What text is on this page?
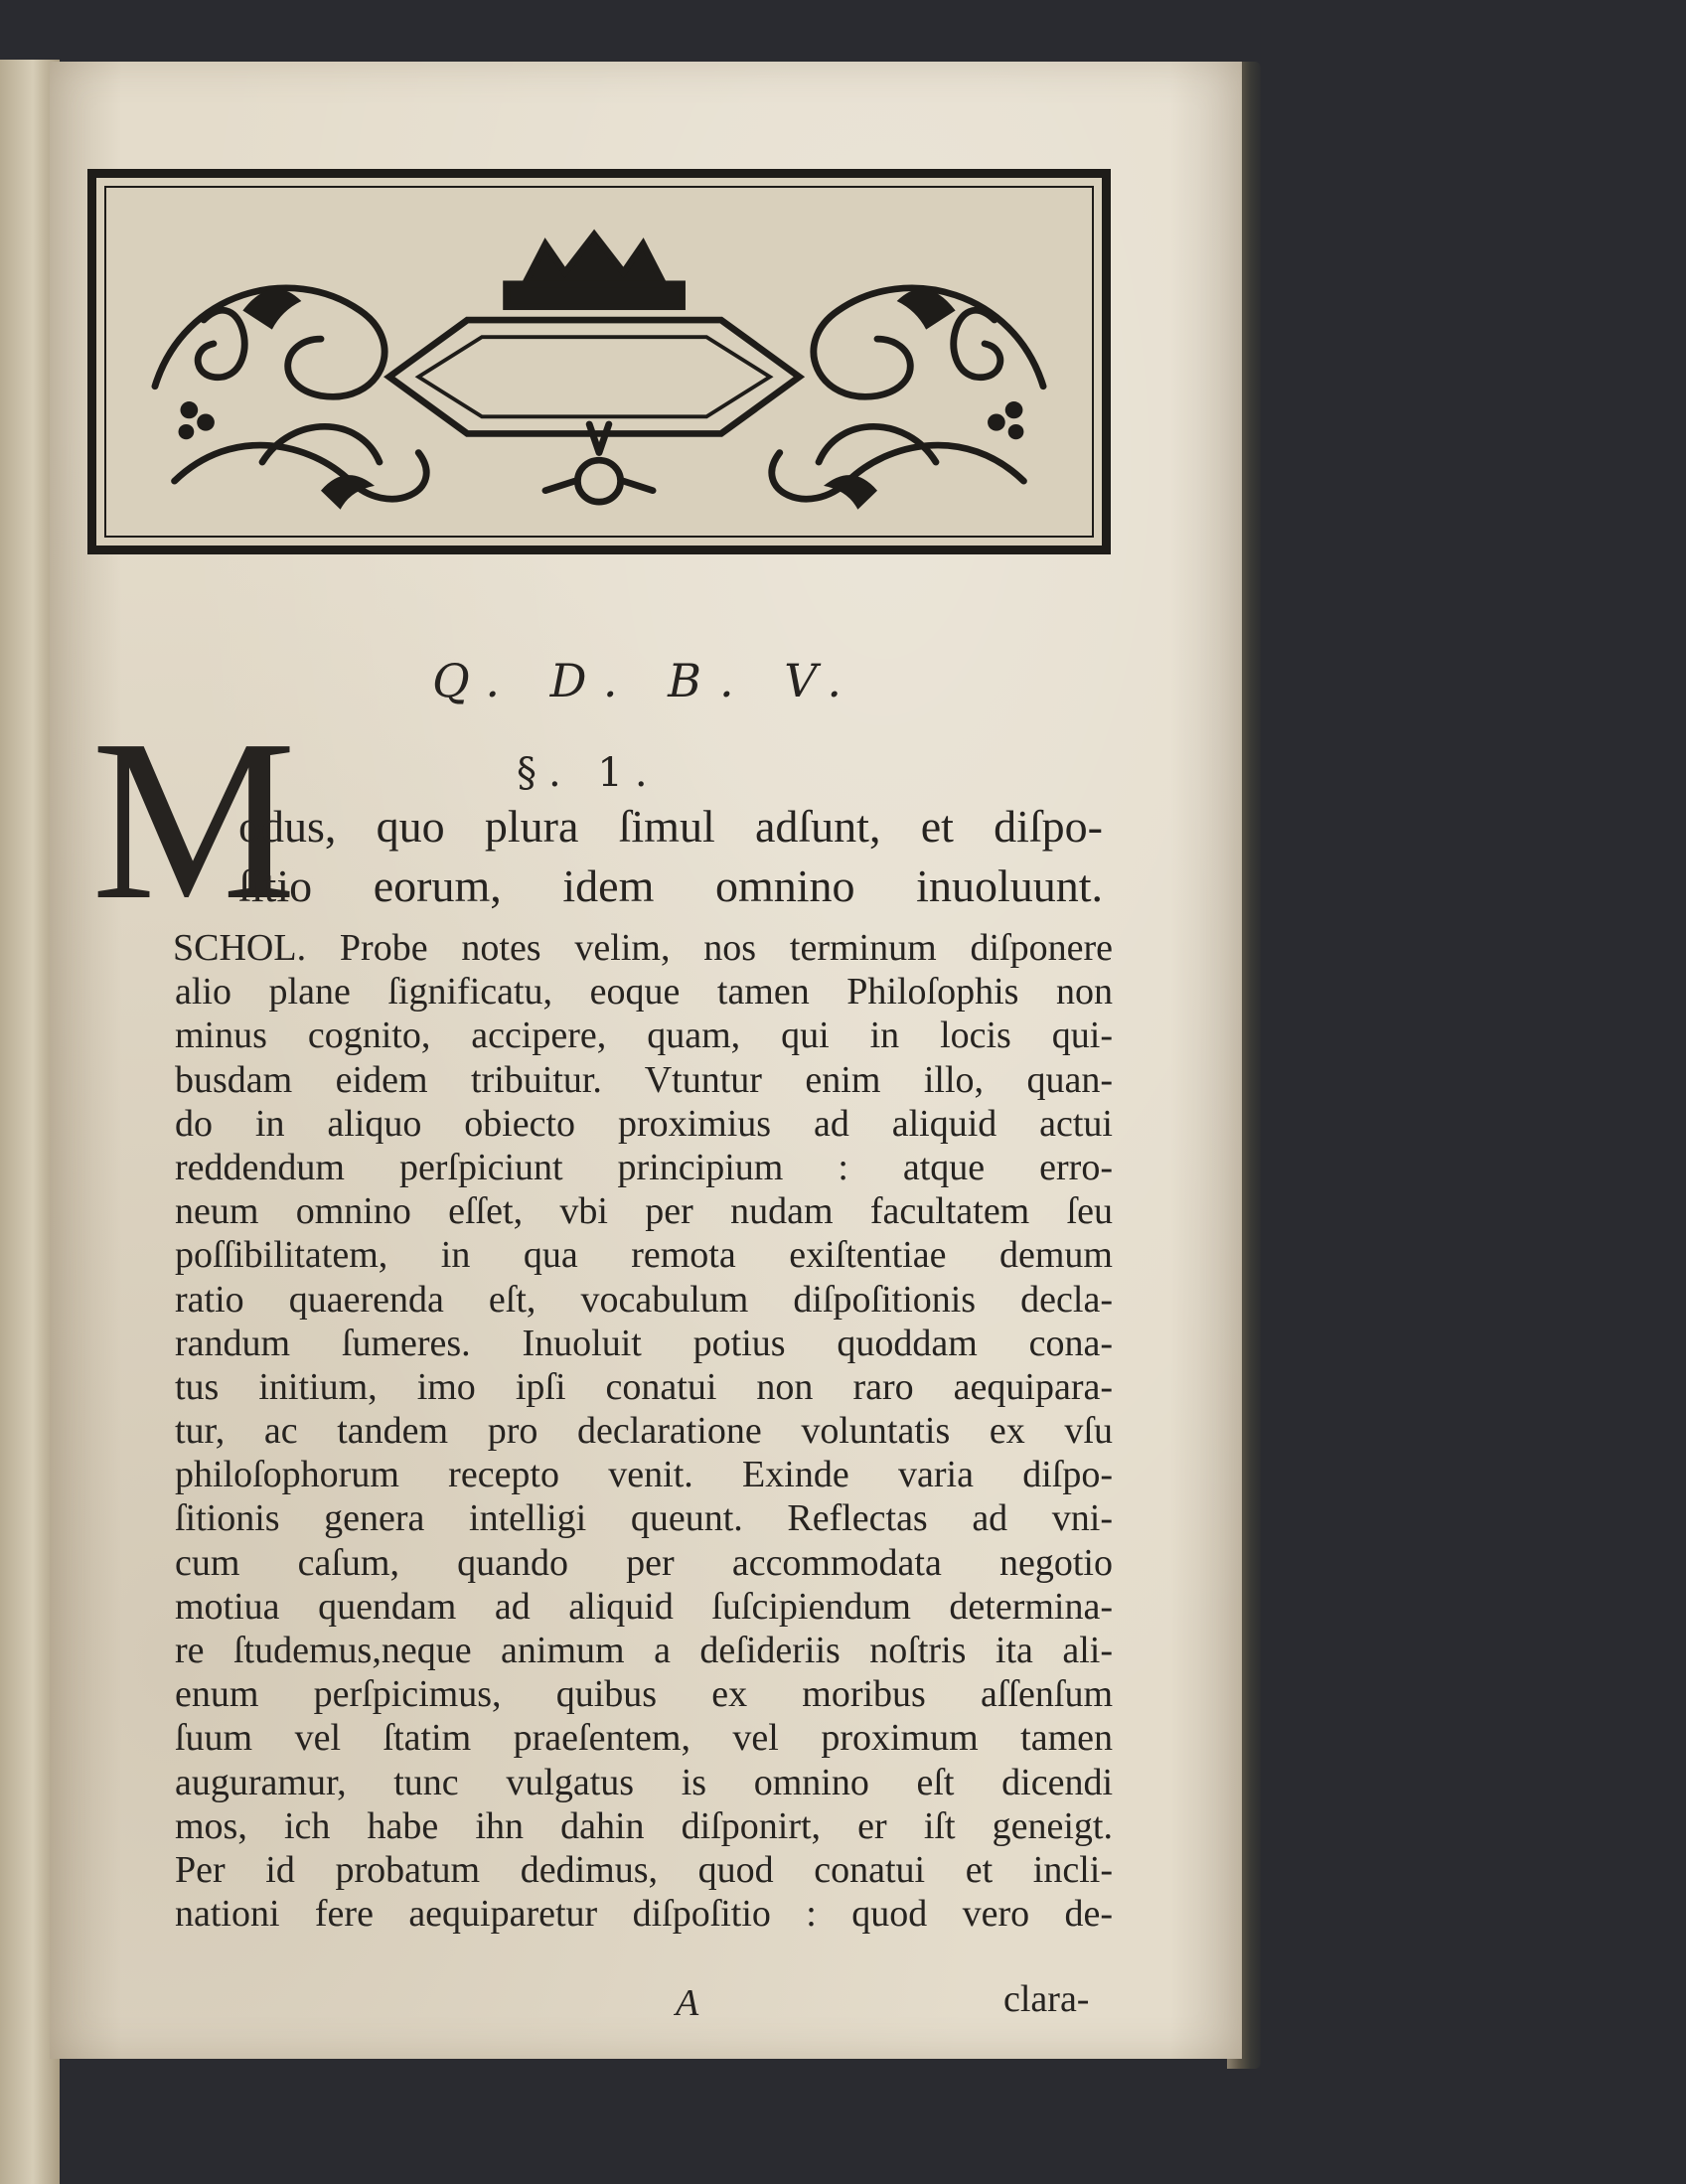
Q. D. B. V.
§. 1.
M
odus, quo plura ſimul adſunt, et diſpo-
ſitio eorum, idem omnino inuoluunt.
SCHOL. Probe notes velim, nos terminum diſponere
alio plane ſignificatu, eoque tamen Philoſophis non
minus cognito, accipere, quam, qui in locis qui-
busdam eidem tribuitur. Vtuntur enim illo, quan-
do in aliquo obiecto proximius ad aliquid actui
reddendum perſpiciunt principium : atque erro-
neum omnino eſſet, vbi per nudam facultatem ſeu
poſſibilitatem, in qua remota exiſtentiae demum
ratio quaerenda eſt, vocabulum diſpoſitionis decla-
randum ſumeres. Inuoluit potius quoddam cona-
tus initium, imo ipſi conatui non raro aequipara-
tur, ac tandem pro declaratione voluntatis ex vſu
philoſophorum recepto venit. Exinde varia diſpo-
ſitionis genera intelligi queunt. Reflectas ad vni-
cum caſum, quando per accommodata negotio
motiua quendam ad aliquid ſuſcipiendum determina-
re ſtudemus,neque animum a deſideriis noſtris ita ali-
enum perſpicimus, quibus ex moribus aſſenſum
ſuum vel ſtatim praeſentem, vel proximum tamen
auguramur, tunc vulgatus is omnino eſt dicendi
mos, ich habe ihn dahin diſponirt, er iſt geneigt.
Per id probatum dedimus, quod conatui et incli-
nationi fere aequiparetur diſpoſitio : quod vero de-
A	clara-
